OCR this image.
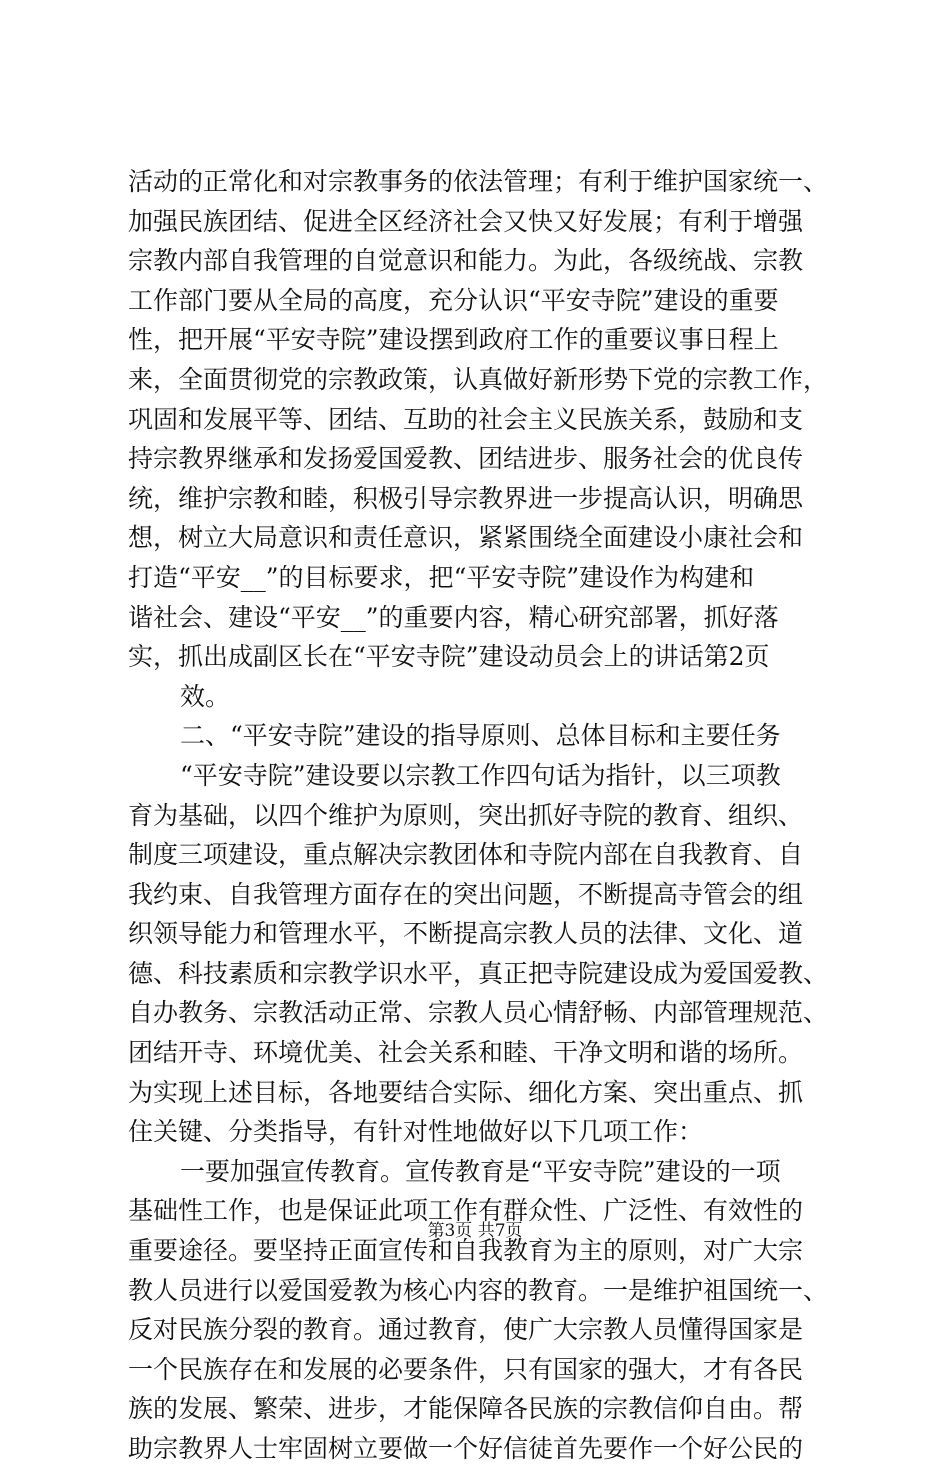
活动的正常化和对宗教事务的依法管理；有利于维护国家统一、
加强民族团结、促进全区经济社会又快又好发展；有利于增强
宗教内部自我管理的自觉意识和能力。为此，各级统战、宗教
工作部门要从全局的高度，充分认识“平安寺院”建设的重要
性，把开展“平安寺院”建设摆到政府工作的重要议事日程上
来，全面贯彻党的宗教政策，认真做好新形势下党的宗教工作，
巩固和发展平等、团结、互助的社会主义民族关系，鼓励和支
持宗教界继承和发扬爱国爱教、团结进步、服务社会的优良传
统，维护宗教和睦，积极引导宗教界进一步提高认识，明确思
想，树立大局意识和责任意识，紧紧围绕全面建设小康社会和
打造“平安__”的目标要求，把“平安寺院”建设作为构建和
谐社会、建设“平安__”的重要内容，精心研究部署，抓好落
实，抓出成副区长在“平安寺院”建设动员会上的讲话第2页
效。
二、“平安寺院”建设的指导原则、总体目标和主要任务
“平安寺院”建设要以宗教工作四句话为指针，以三项教
育为基础，以四个维护为原则，突出抓好寺院的教育、组织、
制度三项建设，重点解决宗教团体和寺院内部在自我教育、自
我约束、自我管理方面存在的突出问题，不断提高寺管会的组
织领导能力和管理水平，不断提高宗教人员的法律、文化、道
德、科技素质和宗教学识水平，真正把寺院建设成为爱国爱教、
自办教务、宗教活动正常、宗教人员心情舒畅、内部管理规范、
团结开寺、环境优美、社会关系和睦、干净文明和谐的场所。
为实现上述目标，各地要结合实际、细化方案、突出重点、抓
住关键、分类指导，有针对性地做好以下几项工作：
一要加强宣传教育。宣传教育是“平安寺院”建设的一项
基础性工作，也是保证此项工作有群众性、广泛性、有效性的
重要途径。要坚持正面宣传和自我教育为主的原则，对广大宗
教人员进行以爱国爱教为核心内容的教育。一是维护祖国统一、
反对民族分裂的教育。通过教育，使广大宗教人员懂得国家是
一个民族存在和发展的必要条件，只有国家的强大，才有各民
族的发展、繁荣、进步，才能保障各民族的宗教信仰自由。帮
助宗教界人士牢固树立要做一个好信徒首先要作一个好公民的
第3页 共7页
